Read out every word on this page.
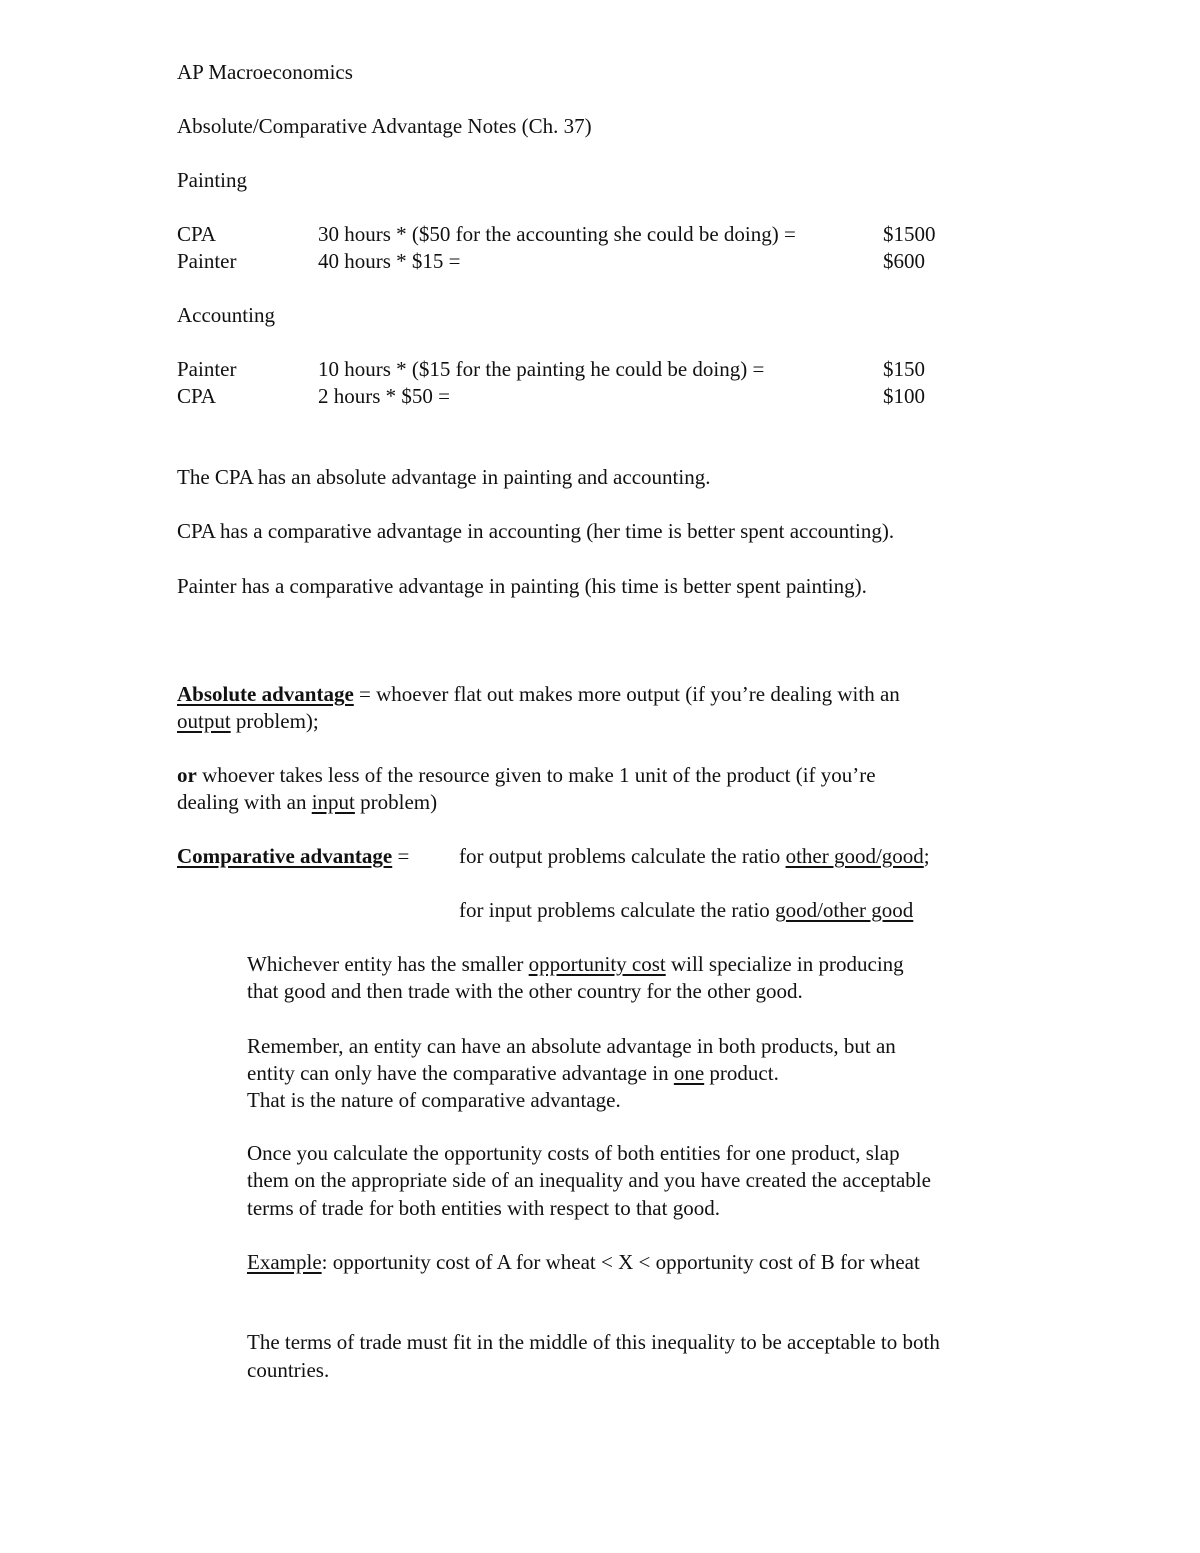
AP Macroeconomics
Absolute/Comparative Advantage Notes (Ch. 37)
Painting
CPA	30 hours * ($50 for the accounting she could be doing) =	$1500
Painter	40 hours * $15 =	$600
Accounting
Painter	10 hours * ($15 for the painting he could be doing) =	$150
CPA	2 hours * $50 =	$100
The CPA has an absolute advantage in painting and accounting.
CPA has a comparative advantage in accounting (her time is better spent accounting).
Painter has a comparative advantage in painting (his time is better spent painting).
Absolute advantage = whoever flat out makes more output (if you’re dealing with an
output problem);
or whoever takes less of the resource given to make 1 unit of the product (if you’re
dealing with an input problem)
Comparative advantage = for output problems calculate the ratio other good/good;
for input problems calculate the ratio good/other good
Whichever entity has the smaller opportunity cost will specialize in producing
that good and then trade with the other country for the other good.
Remember, an entity can have an absolute advantage in both products, but an
entity can only have the comparative advantage in one product.
That is the nature of comparative advantage.
Once you calculate the opportunity costs of both entities for one product, slap
them on the appropriate side of an inequality and you have created the acceptable
terms of trade for both entities with respect to that good.
Example: opportunity cost of A for wheat < X < opportunity cost of B for wheat
The terms of trade must fit in the middle of this inequality to be acceptable to both
countries.
